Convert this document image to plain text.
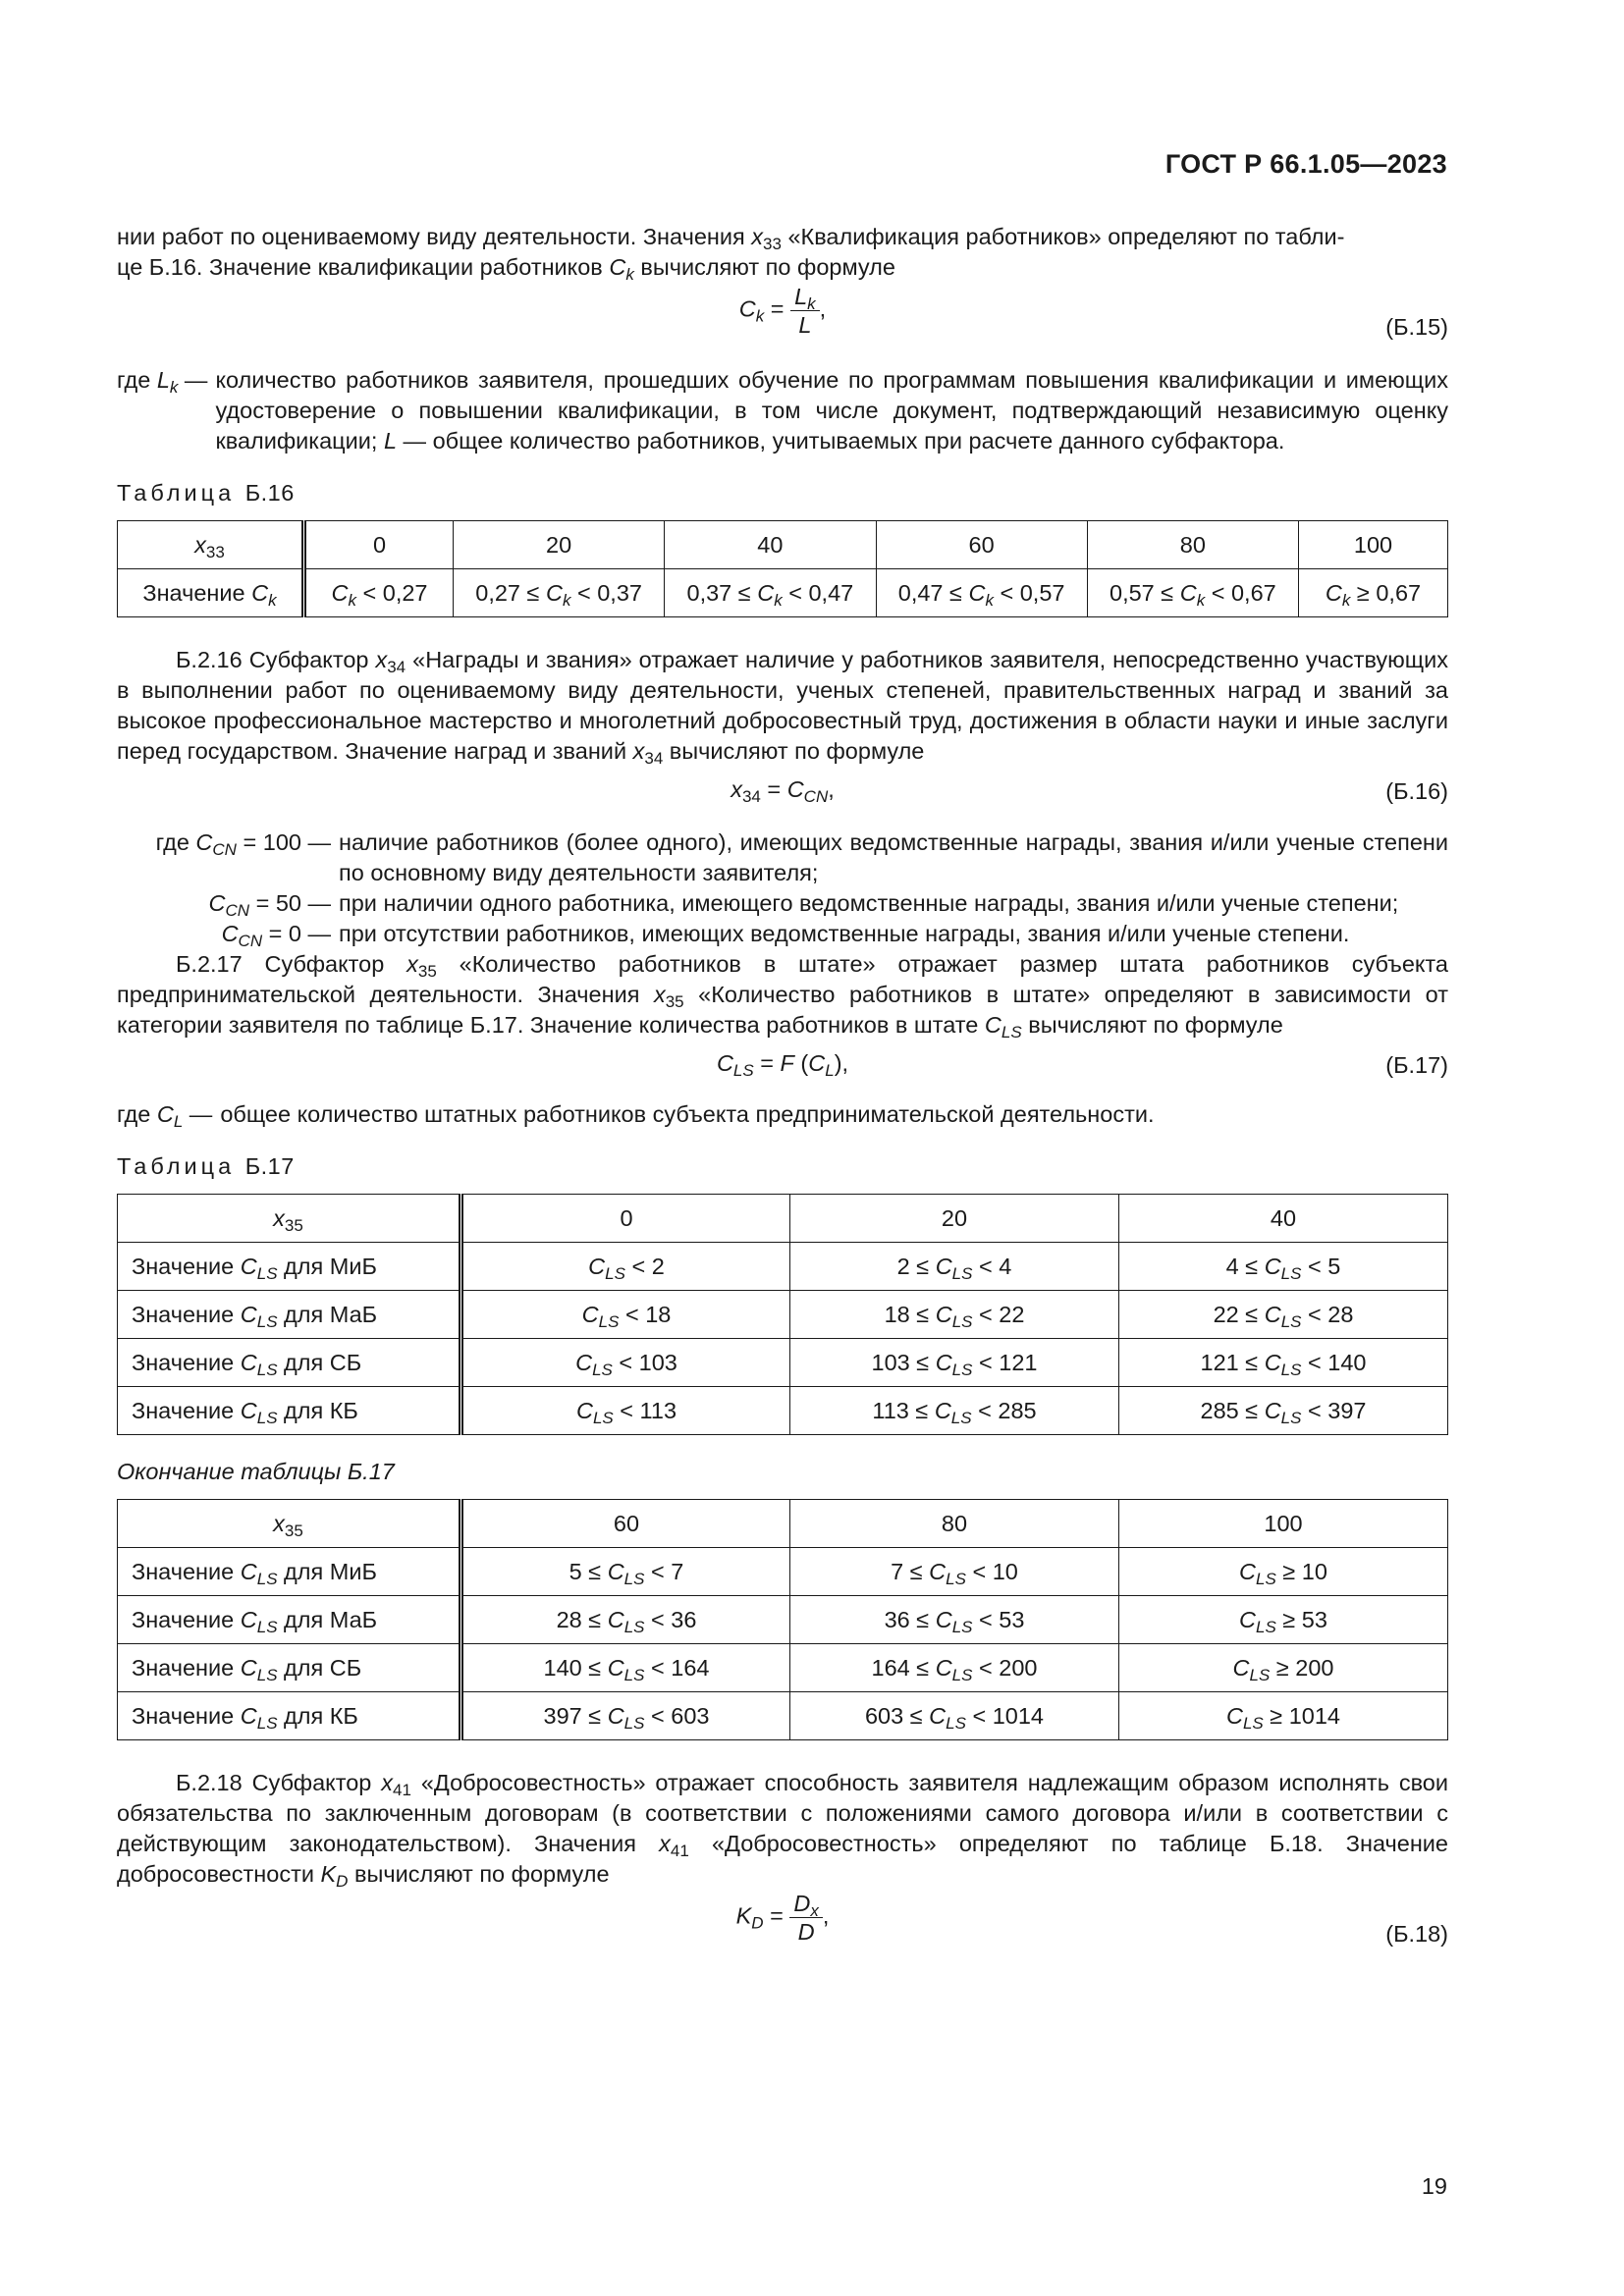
ГОСТ Р 66.1.05—2023

нии работ по оцениваемому виду деятельности. Значения $x_{33}$ «Квалификация работников» определяют по табли-
це Б.16. Значение квалификации работников $C_k$ вычисляют по формуле

$C_k = \frac{L_k}{L}$ ,
(Б.15)
где $L_k$ — количество работников заявителя, прошедших обучение по программам повышения квалификации и имеющих удостоверение о повышении квалификации, в том числе документ, подтверждающий независимую оценку квалификации; L — общее количество работников, учитываемых при расчете данного субфактора.
Таблица Б.16
$x_{33}$	0	20	40	60	80	100
Значение $C_k$	$C_k < 0,27$	$0,27 \le C_k < 0,37$	$0,37 \le C_k < 0,47$	$0,47 \le C_k < 0,57$	$0,57 \le C_k < 0,67$	$C_k \ge 0,67$

Б.2.16 Субфактор $x_{34}$ «Награды и звания» отражает наличие у работников заявителя, непосредственно участвующих в выполнении работ по оцениваемому виду деятельности, ученых степеней, правительственных наград и званий за высокое профессиональное мастерство и многолетний добросовестный труд, достижения в области науки и иные заслуги перед государством. Значение наград и званий $x_{34}$ вычисляют по формуле

$x_{34} = C_{CN}$,	(Б.16)
где $C_{CN} = 100$ — наличие работников (более одного), имеющих ведомственные награды, звания и/или ученые степени по основному виду деятельности заявителя;
$C_{CN} = 50$ — при наличии одного работника, имеющего ведомственные награды, звания и/или ученые степени;
$C_{CN} = 0$ — при отсутствии работников, имеющих ведомственные награды, звания и/или ученые степени.

Б.2.17 Субфактор $x_{35}$ «Количество работников в штате» отражает размер штата работников субъекта предпринимательской деятельности. Значения $x_{35}$ «Количество работников в штате» определяют в зависимости от категории заявителя по таблице Б.17. Значение количества работников в штате $C_{LS}$ вычисляют по формуле

$C_{LS} = F$ $(C_L)$,	(Б.17)
где $C_L$ — общее количество штатных работников субъекта предпринимательской деятельности.
Таблица Б.17
$x_{35}$	0	20	40
Значение $C_{LS}$ для МиБ	$C_{LS} < 2$	$2 \le C_{LS} < 4$	$4 \le C_{LS} < 5$
Значение $C_{LS}$ для МаБ	$C_{LS} < 18$	$18 \le C_{LS} < 22$	$22 \le C_{LS} < 28$
Значение $C_{LS}$ для СБ	$C_{LS} < 103$	$103 \le C_{LS} < 121$	$121 \le C_{LS} < 140$
Значение $C_{LS}$ для КБ	$C_{LS} < 113$	$113 \le C_{LS} < 285$	$285 \le C_{LS} < 397$
Окончание таблицы Б.17
$x_{35}$	60	80	100
Значение $C_{LS}$ для МиБ	$5 \le C_{LS} < 7$	$7 \le C_{LS} < 10$	$C_{LS} \ge 10$
Значение $C_{LS}$ для МаБ	$28 \le C_{LS} < 36$	$36 \le C_{LS} < 53$	$C_{LS} \ge 53$
Значение $C_{LS}$ для СБ	$140 \le C_{LS} < 164$	$164 \le C_{LS} < 200$	$C_{LS} \ge 200$
Значение $C_{LS}$ для КБ	$397 \le C_{LS} < 603$	$603 \le C_{LS} < 1014$	$C_{LS} \ge 1014$

Б.2.18 Субфактор $x_{41}$ «Добросовестность» отражает способность заявителя надлежащим образом исполнять свои обязательства по заключенным договорам (в соответствии с положениями самого договора и/или в соответствии с действующим законодательством). Значения $x_{41}$ «Добросовестность» определяют по таблице Б.18. Значение добросовестности $K_D$ вычисляют по формуле

$K_D = \frac{D_x}{D}$ ,
(Б.18)
19
